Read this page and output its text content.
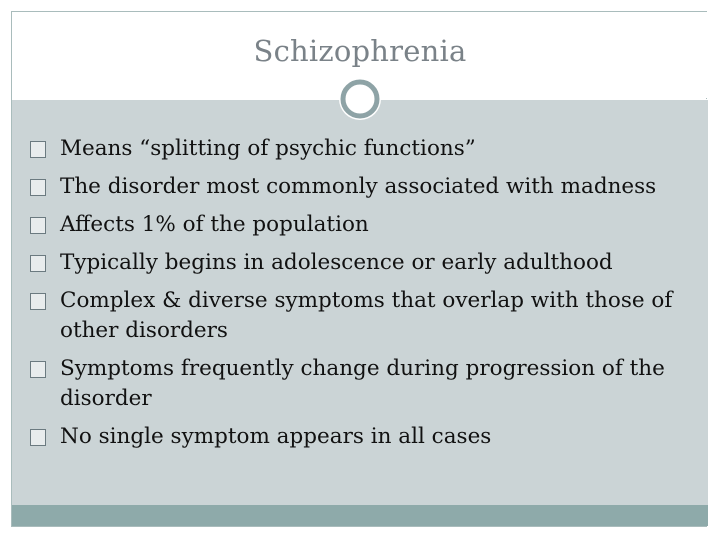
Schizophrenia
Means “splitting of psychic functions”
The disorder most commonly associated with madness
Affects 1% of the population
Typically begins in adolescence or early adulthood
Complex & diverse symptoms that overlap with those of other disorders
Symptoms frequently change during progression of the disorder
No single symptom appears in all cases
